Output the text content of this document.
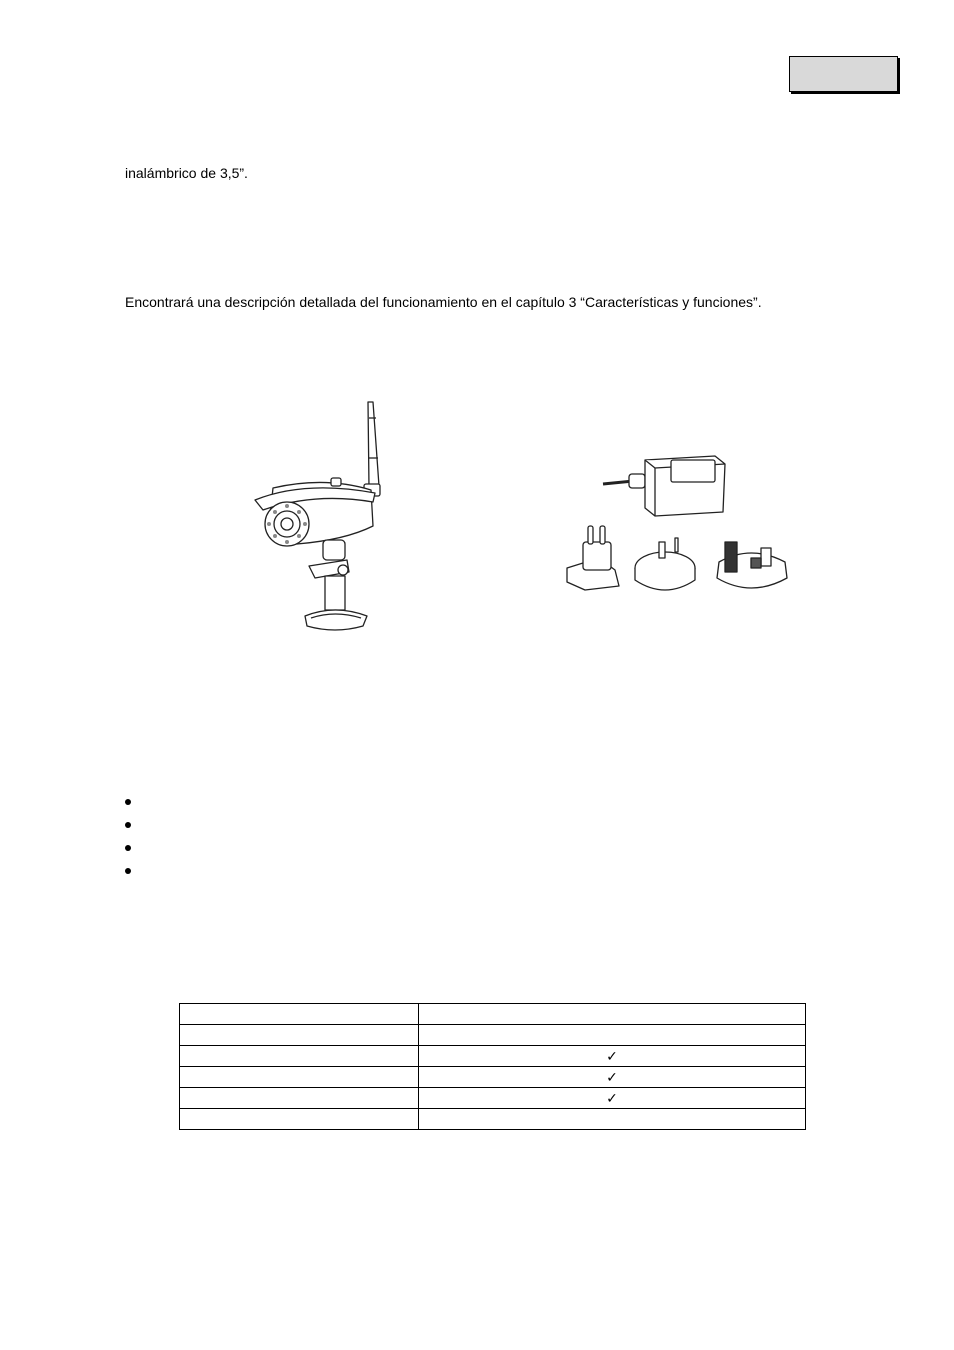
inalámbrico de 3,5”.
Encontrará una descripción detallada del funcionamiento en el capítulo 3 “Características y funciones”.

	✓
	✓
	✓
